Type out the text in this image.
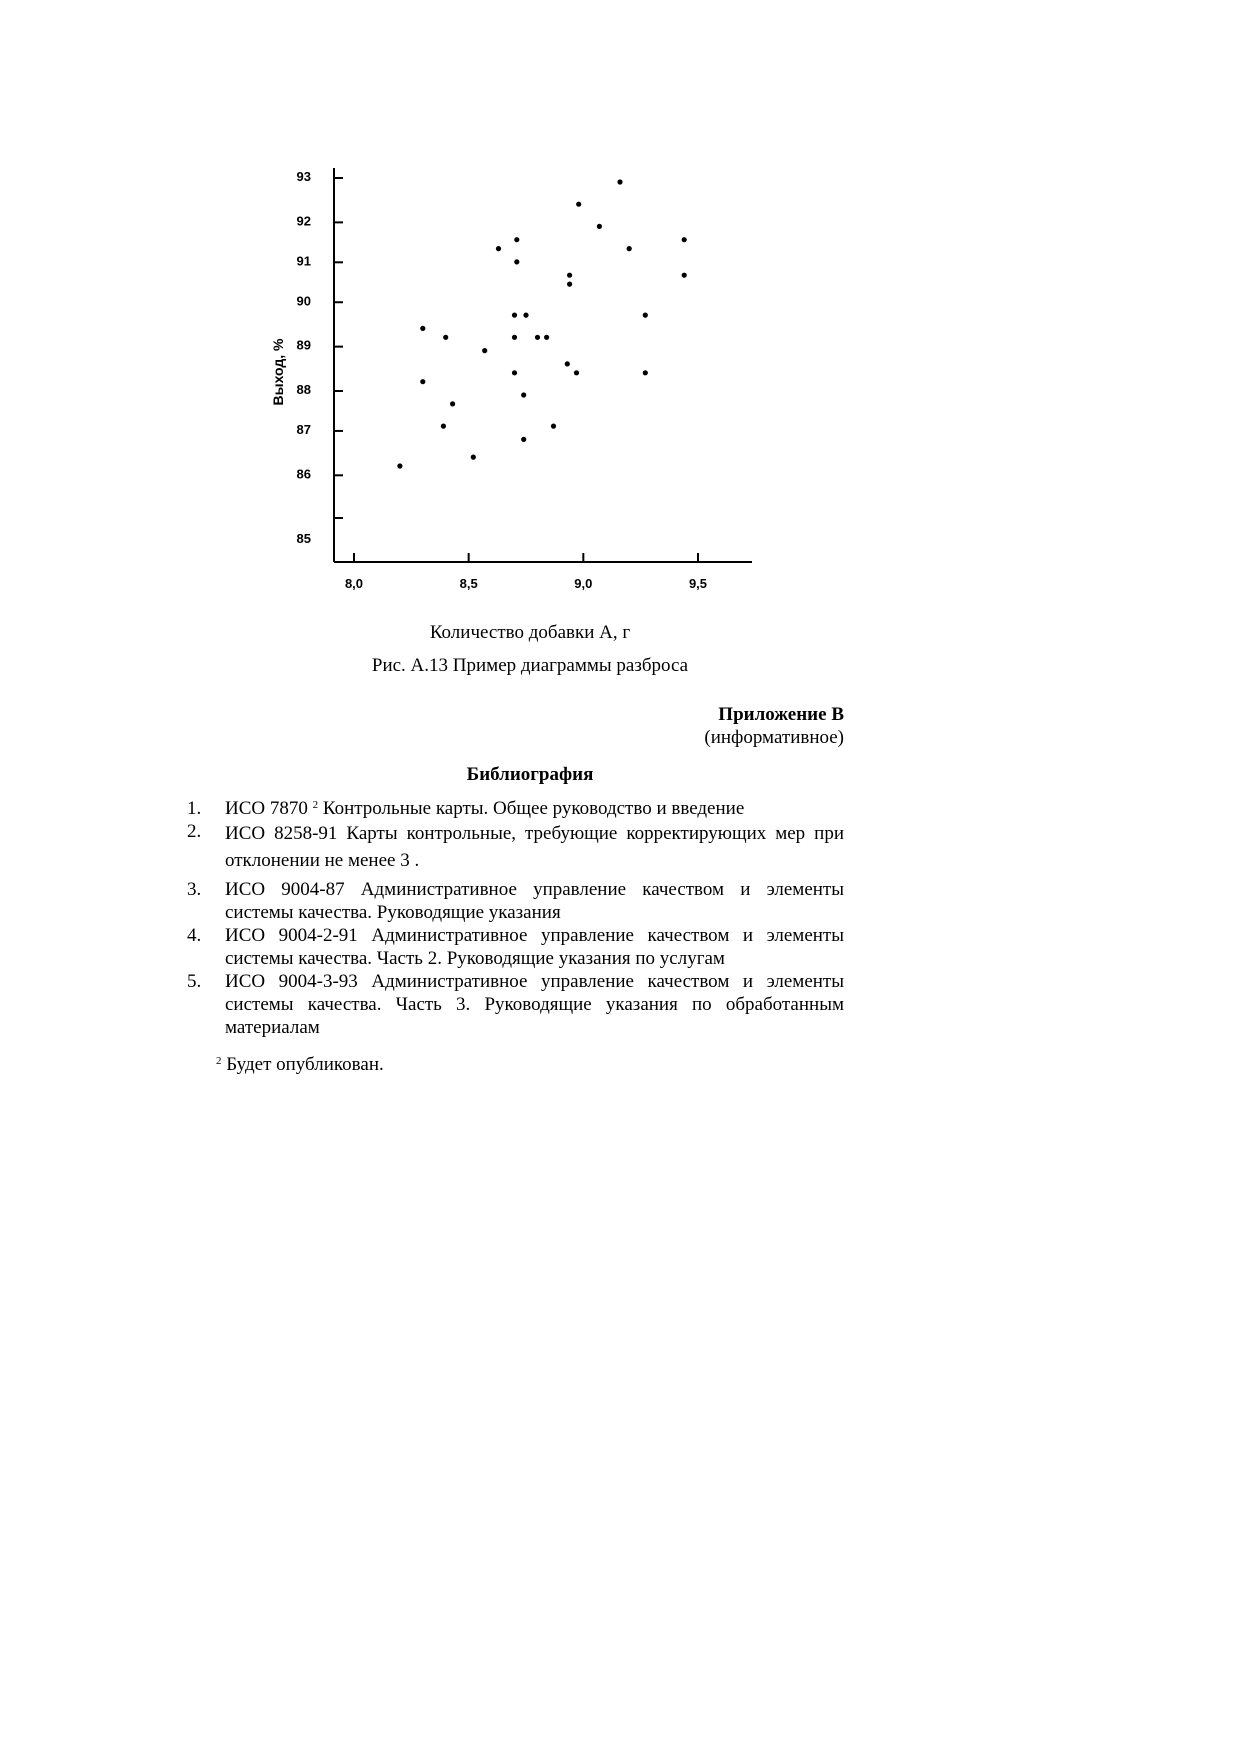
Выход, %
85
86
87
88
89
90
91
92
93
8,0	8,5	9,0	9,5
Количество добавки А, г
Рис. А.13 Пример диаграммы разброса
Приложение В
(информативное)
Библиография
1. ИСО 7870 $^2$ Контрольные карты. Общее руководство и введение
2. ИСО 8258-91 Карты контрольные, требующие корректирующих мер при отклонении не менее 3 .
3. ИСО 9004-87 Административное управление качеством и элементы системы качества. Руководящие указания
4. ИСО 9004-2-91 Административное управление качеством и элементы системы качества. Часть 2. Руководящие указания по услугам
5. ИСО 9004-3-93 Административное управление качеством и элементы системы качества. Часть 3. Руководящие указания по обработанным материалам
$^2$ Будет опубликован.
